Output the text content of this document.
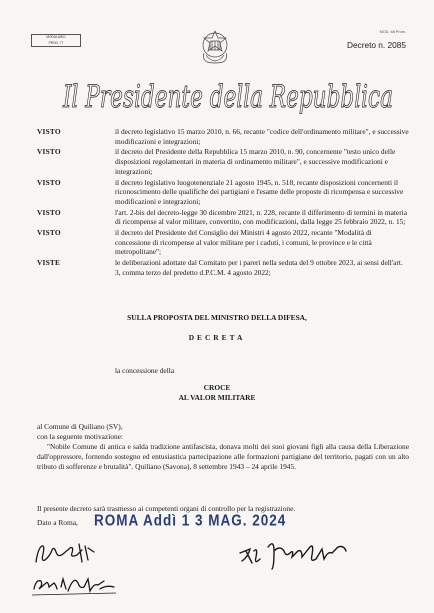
MODULARIO
PROG. 77
MOD. 68 Prom.
Decreto n. 2085
Il Presidente della Repubblica
VISTO	il decreto legislativo 15 marzo 2010, n. 66, recante "codice dell'ordinamento militare", e successive modificazioni e integrazioni;
VISTO	il decreto del Presidente della Repubblica 15 marzo 2010, n. 90, concernente "testo unico delle disposizioni regolamentari in materia di ordinamento militare", e successive modificazioni e integrazioni;
VISTO	il decreto legislativo luogotenenziale 21 agosto 1945, n. 518, recante disposizioni concernenti il riconoscimento delle qualifiche dei partigiani e l'esame delle proposte di ricompensa e successive modificazioni e integrazioni;
VISTO	l'art. 2-bis del decreto-legge 30 dicembre 2021, n. 228, recante il differimento di termini in materia di ricompense al valor militare, convertito, con modificazioni, dalla legge 25 febbraio 2022, n. 15;
VISTO	il decreto del Presidente del Consiglio dei Ministri 4 agosto 2022, recante "Modalità di concessione di ricompense al valor militare per i caduti, i comuni, le province e le città metropolitane";
VISTE	le deliberazioni adottate dal Comitato per i pareri nella seduta del 9 ottobre 2023, ai sensi dell'art. 3, comma terzo del predetto d.P.C.M. 4 agosto 2022;
SULLA PROPOSTA DEL MINISTRO DELLA DIFESA,
DECRETA
la concessione della
CROCE
AL VALOR MILITARE
al Comune di Quiliano (SV),
con la seguente motivazione:
"Nobile Comune di antica e salda tradizione antifascista, donava molti dei suoi giovani figli alla causa della Liberazione dall'oppressore, fornendo sostegno ed entusiastica partecipazione alle formazioni partigiane del territorio, pagati con un alto tributo di sofferenze e brutalità". Quiliano (Savona), 8 settembre 1943 – 24 aprile 1945.
Il presente decreto sarà trasmesso ai competenti organi di controllo per la registrazione.
Dato a Roma, ROMA Addì 1 3 MAG. 2024
